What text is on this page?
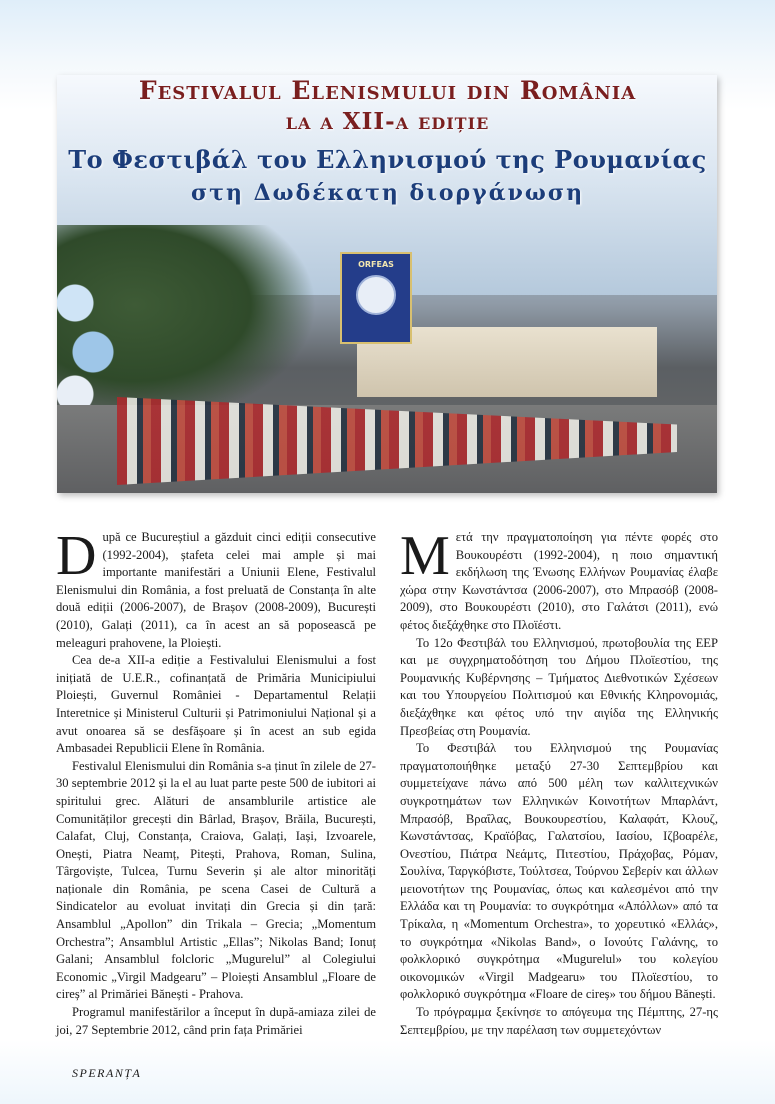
ORFEAS
Festivalul Elenismului din România
la a XII-a ediție
Το Φεστιβάλ του Ελληνισμού της Ρουμανίας
στη Δωδέκατη διοργάνωση

După ce Bucureștiul a găzduit cinci ediții consecutive (1992-2004), ștafeta celei mai ample și mai importante manifestări a Uniunii Elene, Festivalul Elenismului din România, a fost preluată de Constanța în alte două ediții (2006-2007), de Brașov (2008-2009), București (2010), Galați (2011), ca în acest an să poposească pe meleaguri prahovene, la Ploiești.

Cea de-a XII-a ediție a Festivalului Elenismului a fost inițiată de U.E.R., cofinanțată de Primăria Municipiului Ploiești, Guvernul României - Departamentul Relații Interetnice și Ministerul Culturii și Patrimoniului Național și a avut onoarea să se desfășoare și în acest an sub egida Ambasadei Republicii Elene în România.

Festivalul Elenismului din România s-a ținut în zilele de 27-30 septembrie 2012 și la el au luat parte peste 500 de iubitori ai spiritului grec. Alături de ansamblurile artistice ale Comunităților grecești din Bârlad, Brașov, Brăila, București, Calafat, Cluj, Constanța, Craiova, Galați, Iași, Izvoarele, Onești, Piatra Neamț, Pitești, Prahova, Roman, Sulina, Târgoviște, Tulcea, Turnu Severin și ale altor minorități naționale din România, pe scena Casei de Cultură a Sindicatelor au evoluat invitați din Grecia și din țară: Ansamblul „Apollon” din Trikala – Grecia; „Momentum Orchestra”; Ansamblul Artistic „Ellas”; Nikolas Band; Ionuț Galani; Ansamblul folcloric „Mugurelul” al Colegiului Economic „Virgil Madgearu” – Ploiești Ansamblul „Floare de cireș” al Primăriei Bănești - Prahova.

Programul manifestărilor a început în după-amiaza zilei de joi, 27 Septembrie 2012, când prin fața Primăriei

Μετά την πραγματοποίηση για πέντε φορές στο Βουκουρέστι (1992-2004), η ποιο σημαντική εκδήλωση της Ένωσης Ελλήνων Ρουμανίας έλαβε χώρα στην Κωνστάντσα (2006-2007), στο Μπρασόβ (2008-2009), στο Βουκουρέστι (2010), στο Γαλάτσι (2011), ενώ φέτος διεξάχθηκε στο Πλοϊέστι.

Το 12ο Φεστιβάλ του Ελληνισμού, πρωτοβουλία της ΕΕΡ και με συγχρηματοδότηση του Δήμου Πλοϊεστίου, της Ρουμανικής Κυβέρνησης – Τμήματος Διεθνοτικών Σχέσεων και του Υπουργείου Πολιτισμού και Εθνικής Κληρονομιάς, διεξάχθηκε και φέτος υπό την αιγίδα της Ελληνικής Πρεσβείας στη Ρουμανία.

Το Φεστιβάλ του Ελληνισμού της Ρουμανίας πραγματοποιήθηκε μεταξύ 27-30 Σεπτεμβρίου και συμμετείχανε πάνω από 500 μέλη των καλλιτεχνικών συγκροτημάτων των Ελληνικών Κοινοτήτων Μπαρλάντ, Μπρασόβ, Βραΐλας, Βουκουρεστίου, Καλαφάτ, Κλουζ, Κωνστάντσας, Κραϊόβας, Γαλατσίου, Ιασίου, Ιζβοαρέλε, Ονεστίου, Πιάτρα Νεάμτς, Πιτεστίου, Πράχοβας, Ρόμαν, Σουλίνα, Ταργκόβιστε, Τούλτσεα, Τούρνου Σεβερίν και άλλων μειονοτήτων της Ρουμανίας, όπως και καλεσμένοι από την Ελλάδα και τη Ρουμανία: το συγκρότημα «Απόλλων» από τα Τρίκαλα, η «Momentum Orchestra», το χορευτικό «Ελλάς», το συγκρότημα «Nikolas Band», ο Ιονούτς Γαλάνης, το φολκλορικό συγκρότημα «Mugurelul» του κολεγίου οικονομικών «Virgil Madgearu» του Πλοϊεστίου, το φολκλορικό συγκρότημα «Floare de cireș» του δήμου Bănești.

Το πρόγραμμα ξεκίνησε το απόγευμα της Πέμπτης, 27-ης Σεπτεμβρίου, με την παρέλαση των συμμετεχόντων

SPERANȚA
